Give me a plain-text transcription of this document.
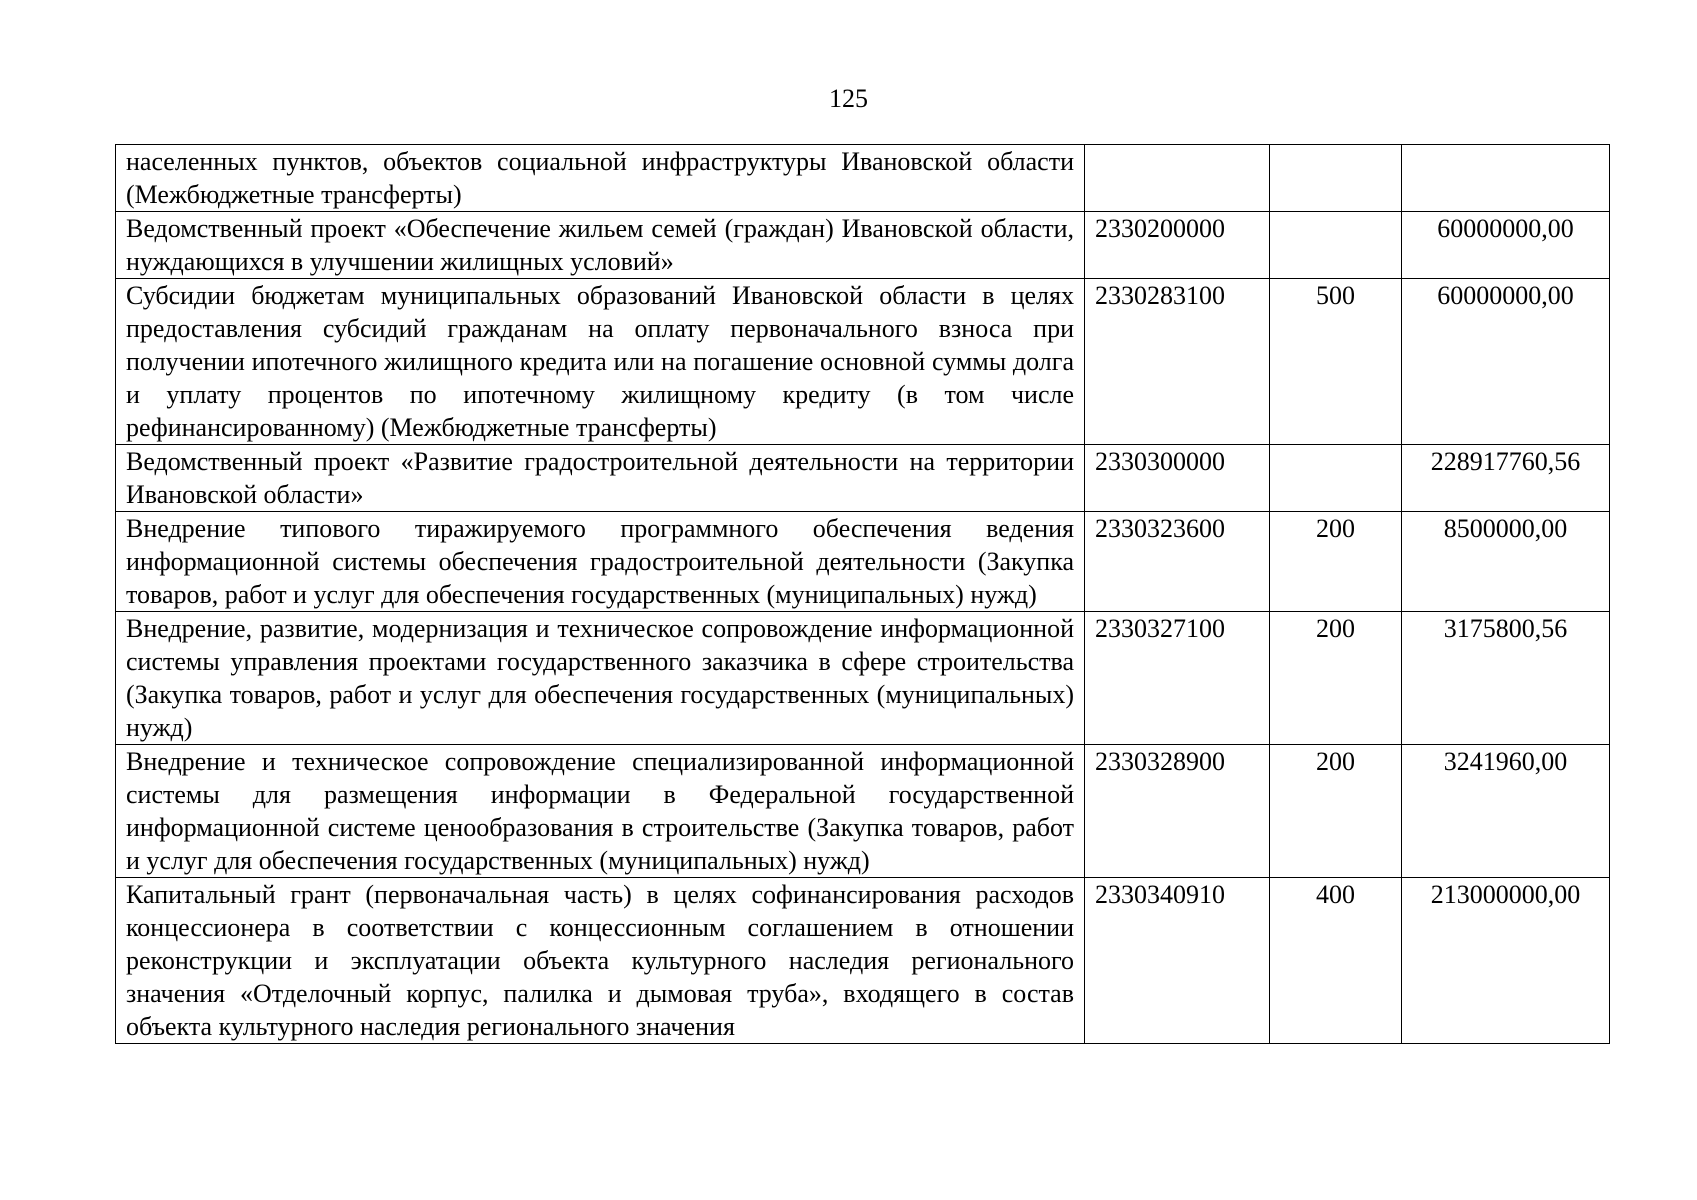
125
населенных пунктов, объектов социальной инфраструктуры Ивановской области (Межбюджетные трансферты)			
Ведомственный проект «Обеспечение жильем семей (граждан) Ивановской области, нуждающихся в улучшении жилищных условий»	2330200000		60000000,00
Субсидии бюджетам муниципальных образований Ивановской области в целях предоставления субсидий гражданам на оплату первоначального взноса при получении ипотечного жилищного кредита или на погашение основной суммы долга и уплату процентов по ипотечному жилищному кредиту (в том числе рефинансированному) (Межбюджетные трансферты)	2330283100	500	60000000,00
Ведомственный проект «Развитие градостроительной деятельности на территории Ивановской области»	2330300000		228917760,56
Внедрение типового тиражируемого программного обеспечения ведения информационной системы обеспечения градостроительной деятельности (Закупка товаров, работ и услуг для обеспечения государственных (муниципальных) нужд)	2330323600	200	8500000,00
Внедрение, развитие, модернизация и техническое сопровождение информационной системы управления проектами государственного заказчика в сфере строительства (Закупка товаров, работ и услуг для обеспечения государственных (муниципальных) нужд)	2330327100	200	3175800,56
Внедрение и техническое сопровождение специализированной информационной системы для размещения информации в Федеральной государственной информационной системе ценообразования в строительстве (Закупка товаров, работ и услуг для обеспечения государственных (муниципальных) нужд)	2330328900	200	3241960,00
Капитальный грант (первоначальная часть) в целях софинансирования расходов концессионера в соответствии с концессионным соглашением в отношении реконструкции и эксплуатации объекта культурного наследия регионального значения «Отделочный корпус, палилка и дымовая труба», входящего в состав объекта культурного наследия регионального значения	2330340910	400	213000000,00
